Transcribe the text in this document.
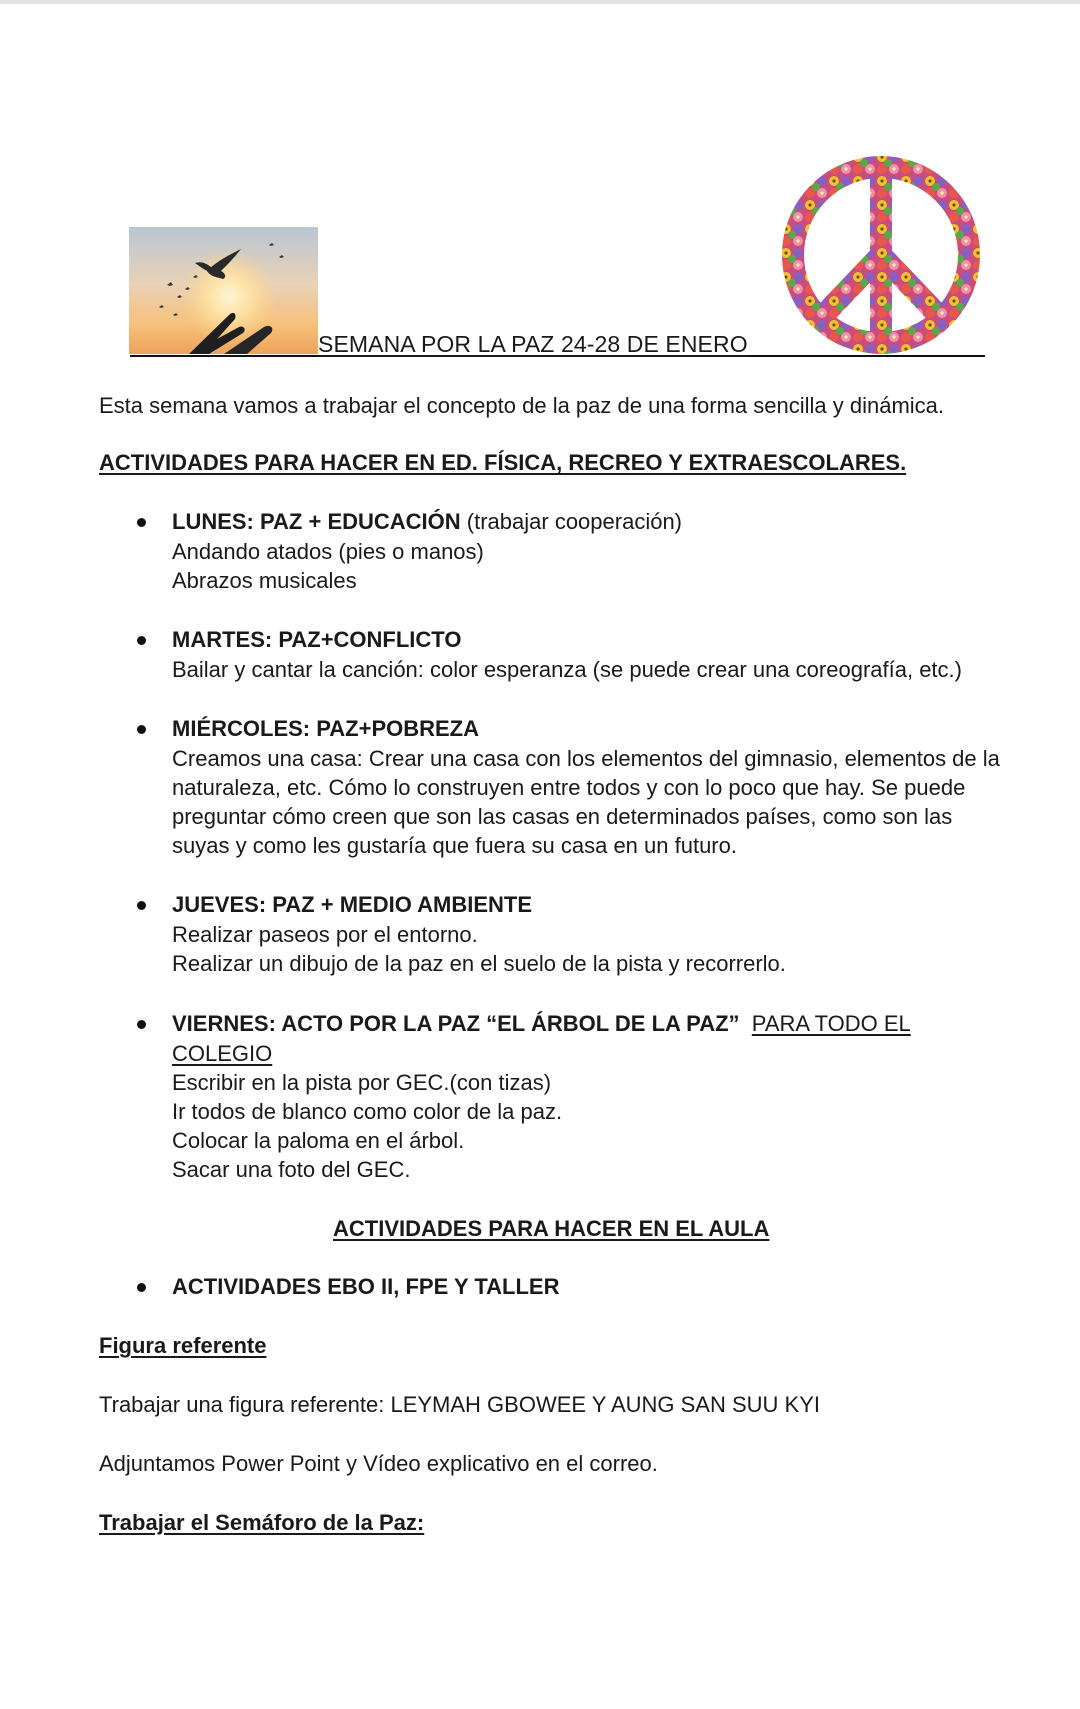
SEMANA POR LA PAZ 24-28 DE ENERO
Esta semana vamos a trabajar el concepto de la paz de una forma sencilla y dinámica.
ACTIVIDADES PARA HACER EN ED. FÍSICA, RECREO Y EXTRAESCOLARES.
LUNES: PAZ + EDUCACIÓN (trabajar cooperación)
Andando atados (pies o manos)
Abrazos musicales
MARTES: PAZ+CONFLICTO
Bailar y cantar la canción: color esperanza (se puede crear una coreografía, etc.)
MIÉRCOLES: PAZ+POBREZA
Creamos una casa: Crear una casa con los elementos del gimnasio, elementos de la
naturaleza, etc. Cómo lo construyen entre todos y con lo poco que hay. Se puede
preguntar cómo creen que son las casas en determinados países, como son las
suyas y como les gustaría que fuera su casa en un futuro.
JUEVES: PAZ + MEDIO AMBIENTE
Realizar paseos por el entorno.
Realizar un dibujo de la paz en el suelo de la pista y recorrerlo.
VIERNES: ACTO POR LA PAZ “EL ÁRBOL DE LA PAZ” PARA TODO EL
COLEGIO
Escribir en la pista por GEC.(con tizas)
Ir todos de blanco como color de la paz.
Colocar la paloma en el árbol.
Sacar una foto del GEC.
ACTIVIDADES PARA HACER EN EL AULA
ACTIVIDADES EBO II, FPE Y TALLER
Figura referente
Trabajar una figura referente: LEYMAH GBOWEE Y AUNG SAN SUU KYI
Adjuntamos Power Point y Vídeo explicativo en el correo.
Trabajar el Semáforo de la Paz:
